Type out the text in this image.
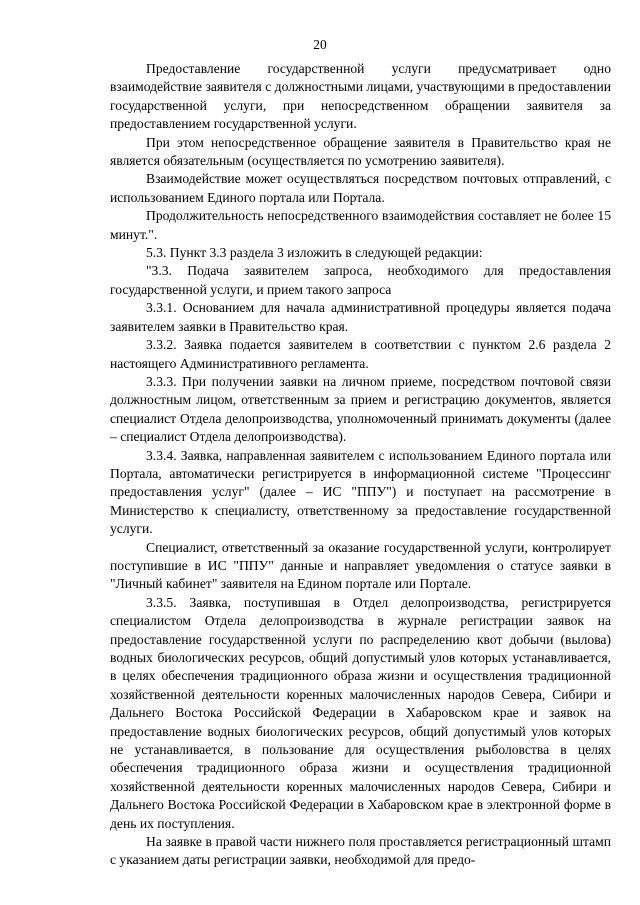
20

Предоставление государственной услуги предусматривает одно взаимодействие заявителя с должностными лицами, участвующими в предоставлении государственной услуги, при непосредственном обращении заявителя за предоставлением государственной услуги.

При этом непосредственное обращение заявителя в Правительство края не является обязательным (осуществляется по усмотрению заявителя).

Взаимодействие может осуществляться посредством почтовых отправлений, с использованием Единого портала или Портала.

Продолжительность непосредственного взаимодействия составляет не более 15 минут.".

5.3. Пункт 3.3 раздела 3 изложить в следующей редакции:

"3.3. Подача заявителем запроса, необходимого для предоставления государственной услуги, и прием такого запроса

3.3.1. Основанием для начала административной процедуры является подача заявителем заявки в Правительство края.

3.3.2. Заявка подается заявителем в соответствии с пунктом 2.6 раздела 2 настоящего Административного регламента.

3.3.3. При получении заявки на личном приеме, посредством почтовой связи должностным лицом, ответственным за прием и регистрацию документов, является специалист Отдела делопроизводства, уполномоченный принимать документы (далее – специалист Отдела делопроизводства).

3.3.4. Заявка, направленная заявителем с использованием Единого портала или Портала, автоматически регистрируется в информационной системе "Процессинг предоставления услуг" (далее – ИС "ППУ") и поступает на рассмотрение в Министерство к специалисту, ответственному за предоставление государственной услуги.

Специалист, ответственный за оказание государственной услуги, контролирует поступившие в ИС "ППУ" данные и направляет уведомления о статусе заявки в "Личный кабинет" заявителя на Едином портале или Портале.

3.3.5. Заявка, поступившая в Отдел делопроизводства, регистрируется специалистом Отдела делопроизводства в журнале регистрации заявок на предоставление государственной услуги по распределению квот добычи (вылова) водных биологических ресурсов, общий допустимый улов которых устанавливается, в целях обеспечения традиционного образа жизни и осуществления традиционной хозяйственной деятельности коренных малочисленных народов Севера, Сибири и Дальнего Востока Российской Федерации в Хабаровском крае и заявок на предоставление водных биологических ресурсов, общий допустимый улов которых не устанавливается, в пользование для осуществления рыболовства в целях обеспечения традиционного образа жизни и осуществления традиционной хозяйственной деятельности коренных малочисленных народов Севера, Сибири и Дальнего Востока Российской Федерации в Хабаровском крае в электронной форме в день их поступления.

На заявке в правой части нижнего поля проставляется регистрационный штамп с указанием даты регистрации заявки, необходимой для предо-
